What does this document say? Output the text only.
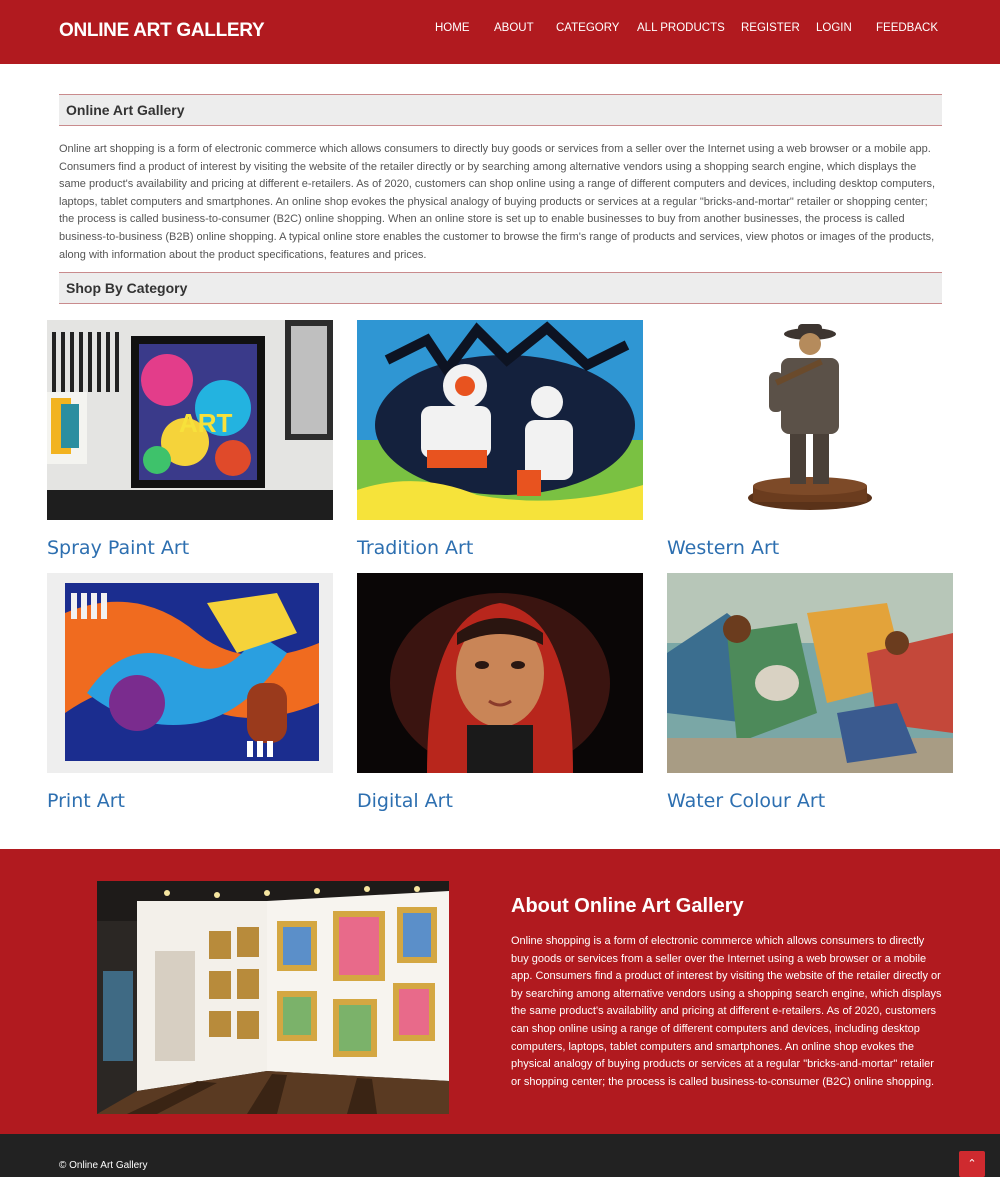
ONLINE ART GALLERY	HOME ABOUT CATEGORY ALL PRODUCTS REGISTER LOGIN FEEDBACK
Online Art Gallery

Online art shopping is a form of electronic commerce which allows consumers to directly buy goods or services from a seller over the Internet using a web browser or a mobile app. Consumers find a product of interest by visiting the website of the retailer directly or by searching among alternative vendors using a shopping search engine, which displays the same product's availability and pricing at different e-retailers. As of 2020, customers can shop online using a range of different computers and devices, including desktop computers, laptops, tablet computers and smartphones. An online shop evokes the physical analogy of buying products or services at a regular "bricks-and-mortar" retailer or shopping center; the process is called business-to-consumer (B2C) online shopping. When an online store is set up to enable businesses to buy from another businesses, the process is called business-to-business (B2B) online shopping. A typical online store enables the customer to browse the firm's range of products and services, view photos or images of the products, along with information about the product specifications, features and prices.

Shop By Category
ART
Spray Paint Art	Tradition Art	Western Art
Print Art	Digital Art	Water Colour Art
About Online Art Gallery

Online shopping is a form of electronic commerce which allows consumers to directly buy goods or services from a seller over the Internet using a web browser or a mobile app. Consumers find a product of interest by visiting the website of the retailer directly or by searching among alternative vendors using a shopping search engine, which displays the same product's availability and pricing at different e-retailers. As of 2020, customers can shop online using a range of different computers and devices, including desktop computers, laptops, tablet computers and smartphones. An online shop evokes the physical analogy of buying products or services at a regular "bricks-and-mortar" retailer or shopping center; the process is called business-to-consumer (B2C) online shopping.

© Online Art Gallery	⌃
